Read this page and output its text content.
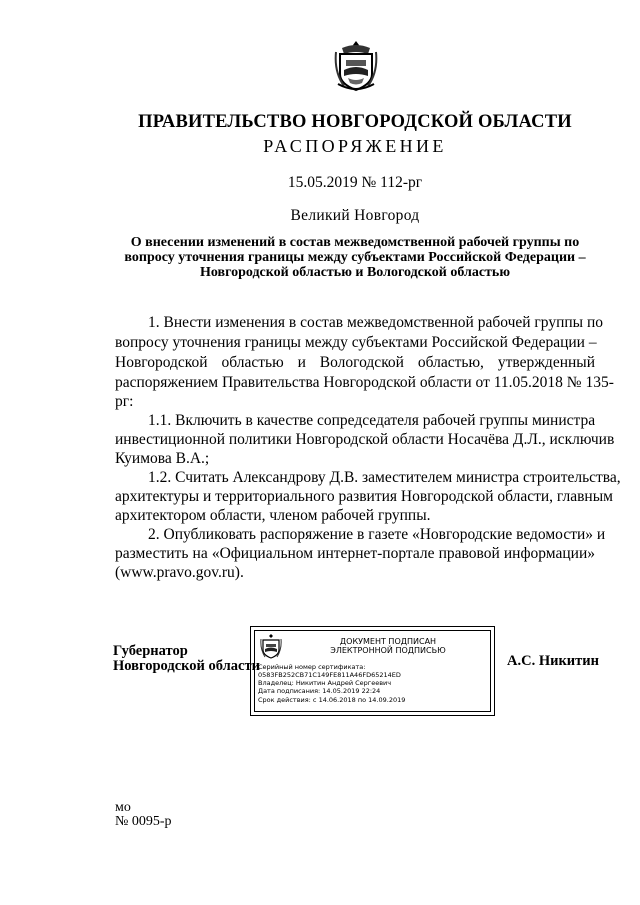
ПРАВИТЕЛЬСТВО НОВГОРОДСКОЙ ОБЛАСТИ
РАСПОРЯЖЕНИЕ
15.05.2019 № 112-рг
Великий Новгород
О внесении изменений в состав межведомственной рабочей группы по
вопросу уточнения границы между субъектами Российской Федерации –
Новгородской областью и Вологодской областью
1. Внести изменения в состав межведомственной рабочей группы по
вопросу уточнения границы между субъектами Российской Федерации –
Новгородской областью и Вологодской областью, утвержденный
распоряжением Правительства Новгородской области от 11.05.2018 № 135-
рг:
1.1. Включить в качестве сопредседателя рабочей группы министра
инвестиционной политики Новгородской области Носачёва Д.Л., исключив
Куимова В.А.;
1.2. Считать Александрову Д.В. заместителем министра строительства,
архитектуры и территориального развития Новгородской области, главным
архитектором области, членом рабочей группы.
2. Опубликовать распоряжение в газете «Новгородские ведомости» и
разместить на «Официальном интернет-портале правовой информации»
(www.pravo.gov.ru).
Губернатор
Новгородской области
ДОКУМЕНТ ПОДПИСАН
ЭЛЕКТРОННОЙ ПОДПИСЬЮ
Серийный номер сертификата:
0583FB252CB71C149FE811A46FD65214ED
Владелец: Никитин Андрей Сергеевич
Дата подписания: 14.05.2019 22:24
Срок действия: с 14.06.2018 по 14.09.2019
А.С. Никитин
мо
№ 0095-р
